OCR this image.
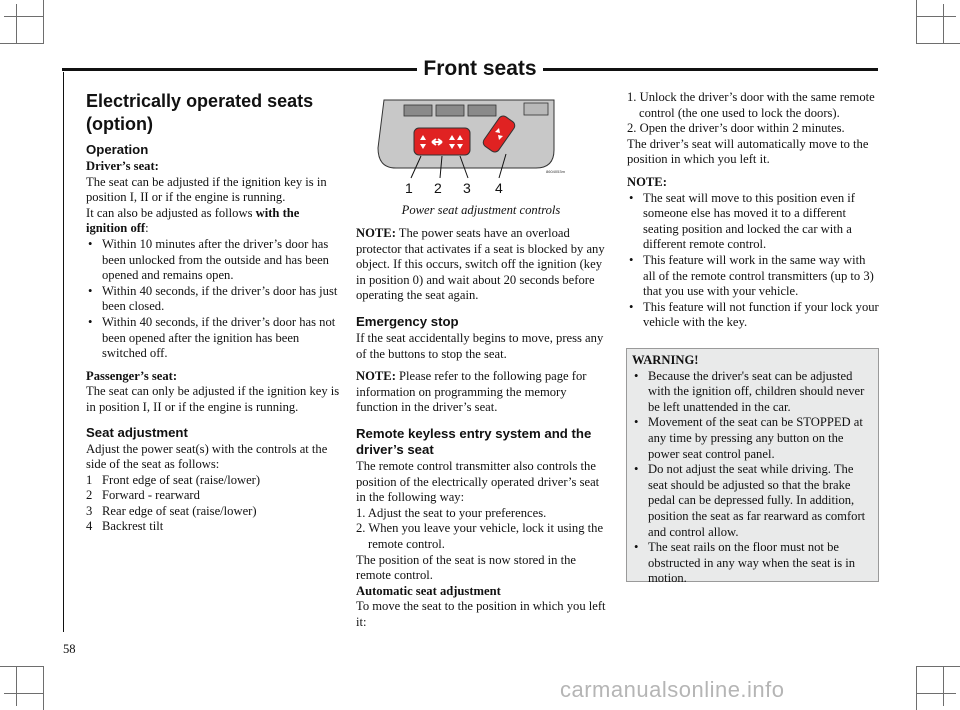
Front seats
Electrically operated seats (option)
Operation

Driver’s seat:

The seat can be adjusted if the ignition key is in position I, II or if the engine is running.

It can also be adjusted as follows with the ignition off:

• Within 10 minutes after the driver’s door has been unlocked from the outside and has been opened and remains open.
• Within 40 seconds, if the driver’s door has just been closed.
• Within 40 seconds, if the driver’s door has not been opened after the ignition has been switched off.

Passenger’s seat:

The seat can only be adjusted if the ignition key is in position I, II or if the engine is running.

Seat adjustment

Adjust the power seat(s) with the controls at the side of the seat as follows:

1 Front edge of seat (raise/lower)

2 Forward - rearward

3 Rear edge of seat (raise/lower)

4 Backrest tilt

8604053m
1 2 3 4
Power seat adjustment controls

NOTE: The power seats have an overload protector that activates if a seat is blocked by any object. If this occurs, switch off the ignition (key in position 0) and wait about 20 seconds before operating the seat again.

Emergency stop

If the seat accidentally begins to move, press any of the buttons to stop the seat.

NOTE: Please refer to the following page for information on programming the memory function in the driver’s seat.

Remote keyless entry system and the driver’s seat

The remote control transmitter also controls the position of the electrically operated driver’s seat in the following way:

1. Adjust the seat to your preferences.

2. When you leave your vehicle, lock it using the remote control.

The position of the seat is now stored in the remote control.

Automatic seat adjustment

To move the seat to the position in which you left it:

1. Unlock the driver’s door with the same remote control (the one used to lock the doors).

2. Open the driver’s door within 2 minutes.

The driver’s seat will automatically move to the position in which you left it.

NOTE:

• The seat will move to this position even if someone else has moved it to a different seating position and locked the car with a different remote control.
• This feature will work in the same way with all of the remote control transmitters (up to 3) that you use with your vehicle.
• This feature will not function if your lock your vehicle with the key.

WARNING!

• Because the driver's seat can be adjusted with the ignition off, children should never be left unattended in the car.
• Movement of the seat can be STOPPED at any time by pressing any button on the power seat control panel.
• Do not adjust the seat while driving. The seat should be adjusted so that the brake pedal can be depressed fully. In addition, position the seat as far rearward as comfort and control allow.
• The seat rails on the floor must not be obstructed in any way when the seat is in motion.
58
carmanualsonline.info
